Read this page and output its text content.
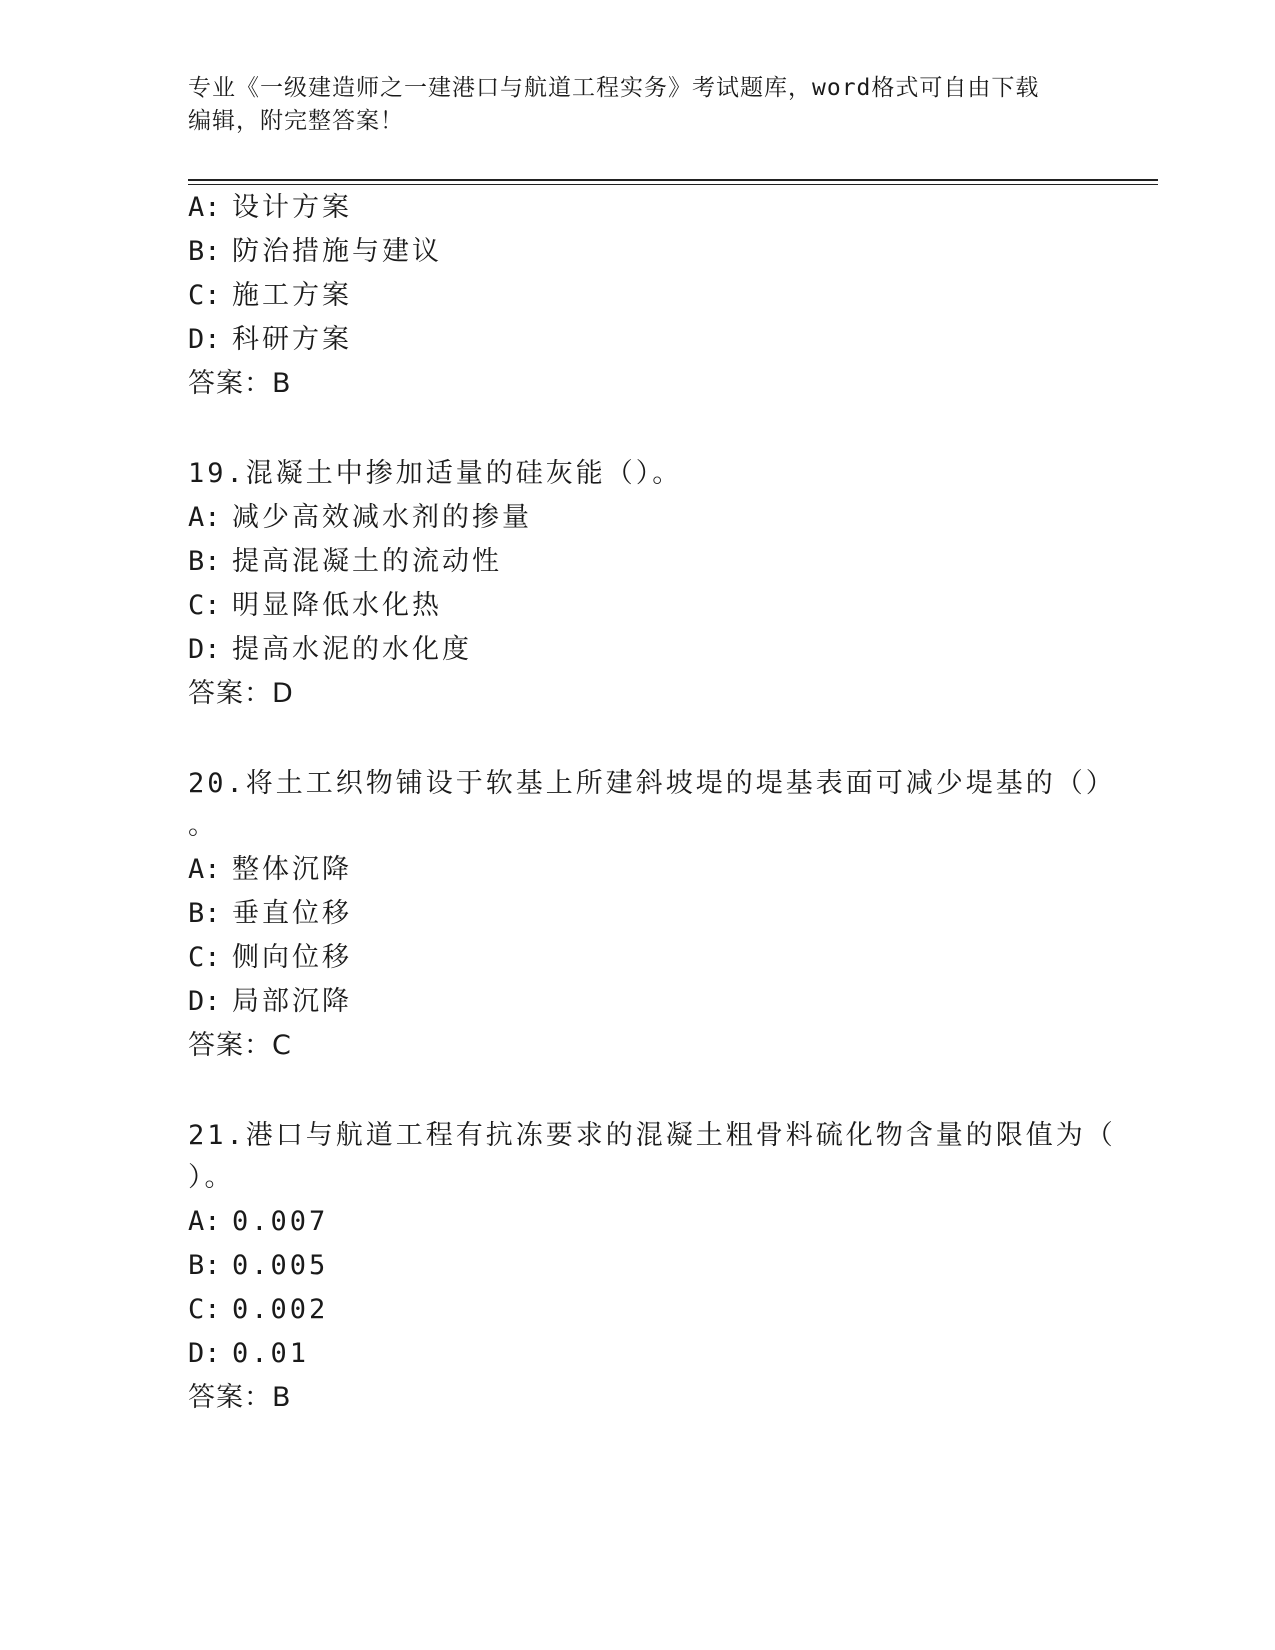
专业《一级建造师之一建港口与航道工程实务》考试题库，word格式可自由下载
编辑，附完整答案！
A: 设计方案
B: 防治措施与建议
C: 施工方案
D: 科研方案
答案：B
19.混凝土中掺加适量的硅灰能（）。
A: 减少高效减水剂的掺量
B: 提高混凝土的流动性
C: 明显降低水化热
D: 提高水泥的水化度
答案：D
20.将土工织物铺设于软基上所建斜坡堤的堤基表面可减少堤基的（）
。
A: 整体沉降
B: 垂直位移
C: 侧向位移
D: 局部沉降
答案：C
21.港口与航道工程有抗冻要求的混凝土粗骨料硫化物含量的限值为（
）。
A: 0.007
B: 0.005
C: 0.002
D: 0.01
答案：B
